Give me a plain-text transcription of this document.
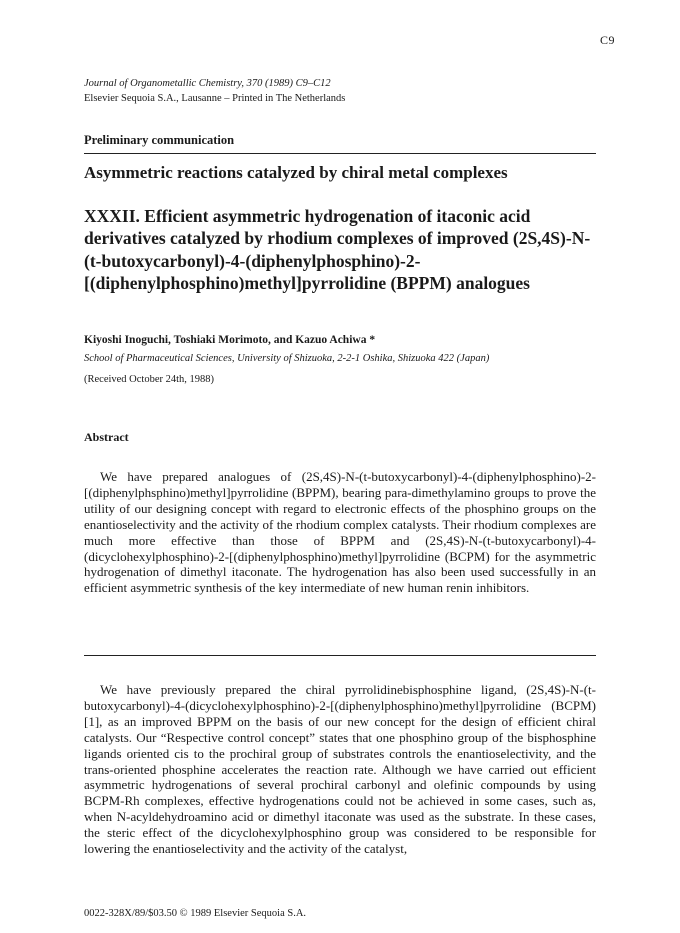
C9
Journal of Organometallic Chemistry, 370 (1989) C9–C12
Elsevier Sequoia S.A., Lausanne – Printed in The Netherlands
Preliminary communication
Asymmetric reactions catalyzed by chiral metal complexes
XXXII. Efficient asymmetric hydrogenation of itaconic acid derivatives catalyzed by rhodium complexes of improved (2S,4S)-N-(t-butoxycarbonyl)-4-(diphenylphosphino)-2-[(diphenylphosphino)methyl]pyrrolidine (BPPM) analogues
Kiyoshi Inoguchi, Toshiaki Morimoto, and Kazuo Achiwa *
School of Pharmaceutical Sciences, University of Shizuoka, 2-2-1 Oshika, Shizuoka 422 (Japan)
(Received October 24th, 1988)
Abstract
We have prepared analogues of (2S,4S)-N-(t-butoxycarbonyl)-4-(diphenylphosphino)-2-[(diphenylphsphino)methyl]pyrrolidine (BPPM), bearing para-dimethylamino groups to prove the utility of our designing concept with regard to electronic effects of the phosphino groups on the enantioselectivity and the activity of the rhodium complex catalysts. Their rhodium complexes are much more effective than those of BPPM and (2S,4S)-N-(t-butoxycarbonyl)-4-(dicyclohexylphosphino)-2-[(diphenylphosphino)methyl]pyrrolidine (BCPM) for the asymmetric hydrogenation of dimethyl itaconate. The hydrogenation has also been used successfully in an efficient asymmetric synthesis of the key intermediate of new human renin inhibitors.
We have previously prepared the chiral pyrrolidinebisphosphine ligand, (2S,4S)-N-(t-butoxycarbonyl)-4-(dicyclohexylphosphino)-2-[(diphenylphosphino)methyl]pyrrolidine (BCPM) [1], as an improved BPPM on the basis of our new concept for the design of efficient chiral catalysts. Our “Respective control concept” states that one phosphino group of the bisphosphine ligands oriented cis to the prochiral group of substrates controls the enantioselectivity, and the trans-oriented phosphine accelerates the reaction rate. Although we have carried out efficient asymmetric hydrogenations of several prochiral carbonyl and olefinic compounds by using BCPM-Rh complexes, effective hydrogenations could not be achieved in some cases, such as, when N-acyldehydroamino acid or dimethyl itaconate was used as the substrate. In these cases, the steric effect of the dicyclohexylphosphino group was considered to be responsible for lowering the enantioselectivity and the activity of the catalyst,
0022-328X/89/$03.50 © 1989 Elsevier Sequoia S.A.
